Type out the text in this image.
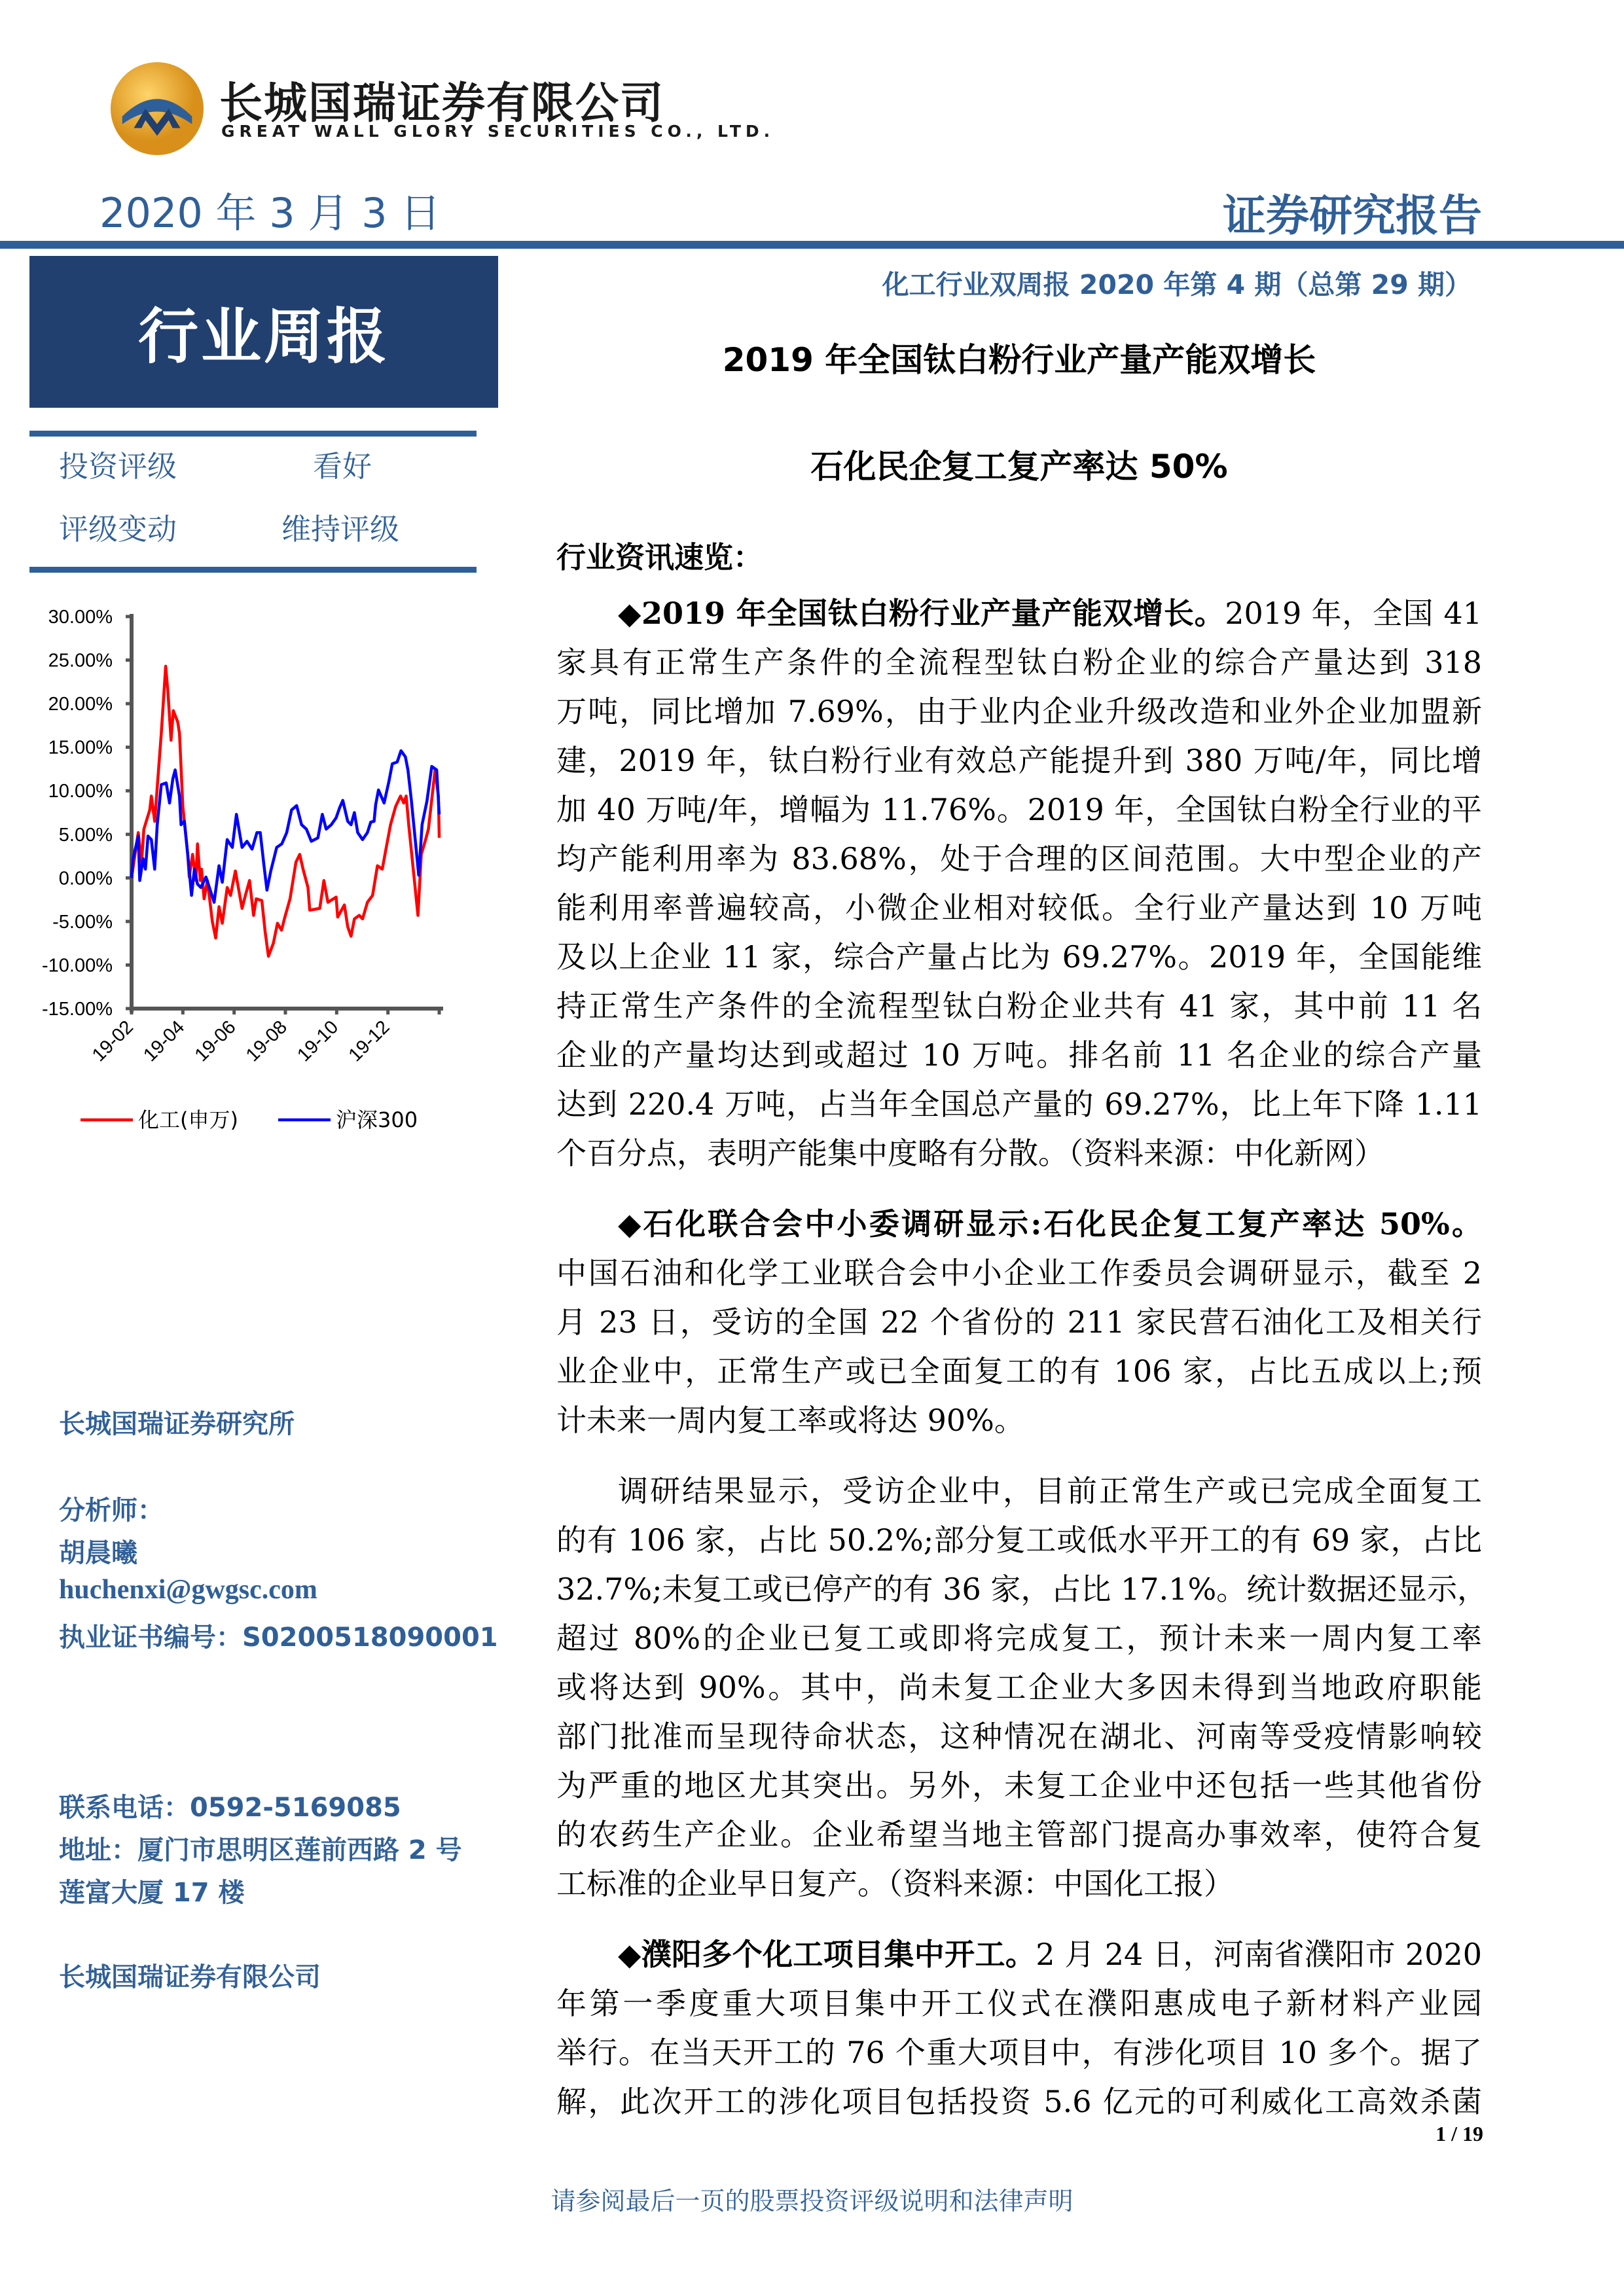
长城国瑞证券有限公司
GREAT WALL GLORY SECURITIES CO., LTD.
2020 年 3 月 3 日	证券研究报告
行业周报
化工行业双周报 2020 年第 4 期（总第 29 期）
2019 年全国钛白粉行业产量产能双增长
石化民企复工复产率达 50%
投资评级	看好
评级变动	维持评级
30.00%
25.00%
20.00%
15.00%
10.00%
5.00%
0.00%
-5.00%
-10.00%
-15.00%
19-02 19-04 19-06 19-08 19-10 19-12
化工(申万)	沪深300
行业资讯速览：
◆2019 年全国钛白粉行业产量产能双增长。2019 年，全国 41
家具有正常生产条件的全流程型钛白粉企业的综合产量达到 318
万吨，同比增加 7.69%，由于业内企业升级改造和业外企业加盟新
建，2019 年，钛白粉行业有效总产能提升到 380 万吨/年，同比增
加 40 万吨/年，增幅为 11.76%。2019 年，全国钛白粉全行业的平
均产能利用率为 83.68%，处于合理的区间范围。大中型企业的产
能利用率普遍较高，小微企业相对较低。全行业产量达到 10 万吨
及以上企业 11 家，综合产量占比为 69.27%。2019 年，全国能维
持正常生产条件的全流程型钛白粉企业共有 41 家，其中前 11 名
企业的产量均达到或超过 10 万吨。排名前 11 名企业的综合产量
达到 220.4 万吨，占当年全国总产量的 69.27%，比上年下降 1.11
个百分点，表明产能集中度略有分散。（资料来源：中化新网）
◆石化联合会中小委调研显示:石化民企复工复产率达 50%。
中国石油和化学工业联合会中小企业工作委员会调研显示，截至 2
月 23 日，受访的全国 22 个省份的 211 家民营石油化工及相关行
业企业中，正常生产或已全面复工的有 106 家，占比五成以上;预
计未来一周内复工率或将达 90%。
调研结果显示，受访企业中，目前正常生产或已完成全面复工
的有 106 家，占比 50.2%;部分复工或低水平开工的有 69 家，占比
32.7%;未复工或已停产的有 36 家，占比 17.1%。统计数据还显示，
超过 80%的企业已复工或即将完成复工，预计未来一周内复工率
或将达到 90%。其中，尚未复工企业大多因未得到当地政府职能
部门批准而呈现待命状态，这种情况在湖北、河南等受疫情影响较
为严重的地区尤其突出。另外，未复工企业中还包括一些其他省份
的农药生产企业。企业希望当地主管部门提高办事效率，使符合复
工标准的企业早日复产。（资料来源：中国化工报）
◆濮阳多个化工项目集中开工。2 月 24 日，河南省濮阳市 2020
年第一季度重大项目集中开工仪式在濮阳惠成电子新材料产业园
举行。在当天开工的 76 个重大项目中，有涉化项目 10 多个。据了
解，此次开工的涉化项目包括投资 5.6 亿元的可利威化工高效杀菌
长城国瑞证券研究所
分析师：
胡晨曦
huchenxi@gwgsc.com
执业证书编号：S0200518090001
联系电话：0592-5169085
地址：厦门市思明区莲前西路 2 号
莲富大厦 17 楼
长城国瑞证券有限公司
1 / 19
请参阅最后一页的股票投资评级说明和法律声明
